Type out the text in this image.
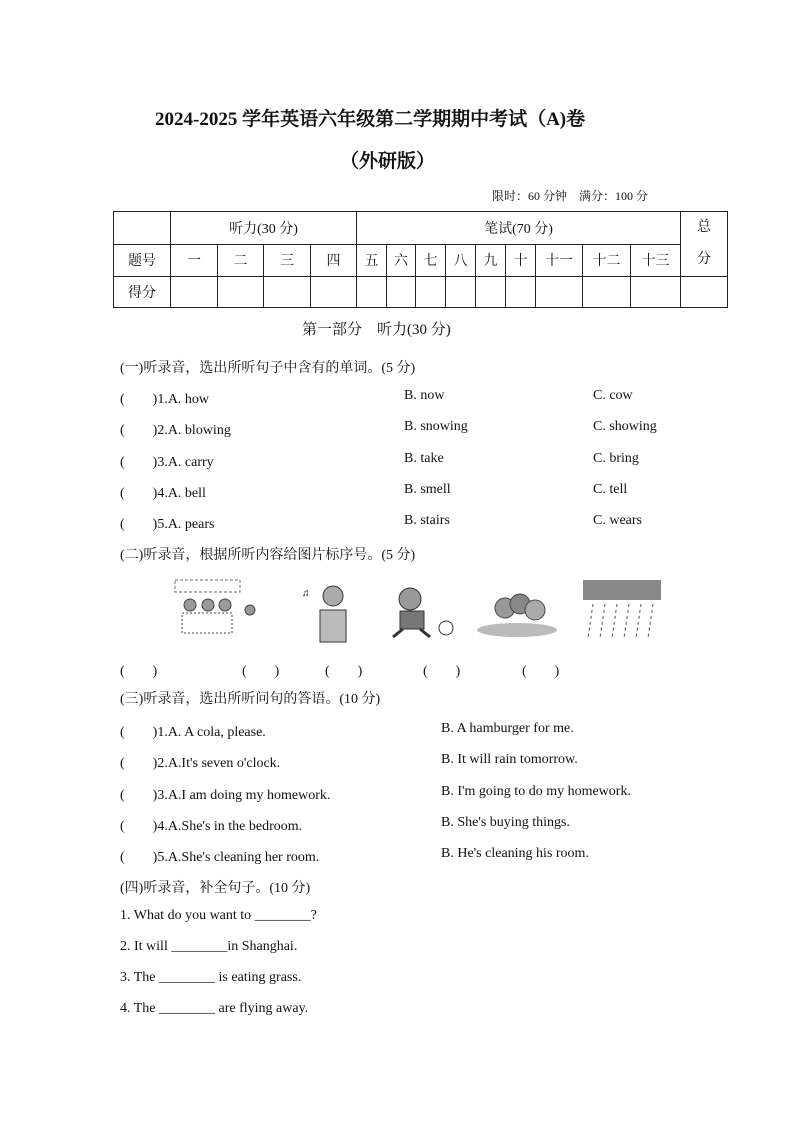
2024-2025 学年英语六年级第二学期期中考试（A)卷
（外研版）
限时：60 分钟　满分：100 分
	听力(30 分)				笔试(70 分)									总
分
题号	一	二	三	四	五	六	七	八	九	十	十一	十二	十三	
得分														
第一部分　听力(30 分)
(一)听录音，选出所听句子中含有的单词。(5 分)
(二)听录音，根据所听内容给图片标序号。(5 分)
♫
(　　)	(　　)	(　　)	(　　)	(　　)
(三)听录音，选出所听问句的答语。(10 分)
(四)听录音，补全句子。(10 分)
(　　)1.A. how	B. now	C. cow
(　　)2.A. blowing	B. snowing	C. showing
(　　)3.A. carry	B. take	C. bring
(　　)4.A. bell	B. smell	C. tell
(　　)5.A. pears	B. stairs	C. wears
(　　)1.A. A cola, please.	B. A hamburger for me.
(　　)2.A.It's seven o'clock.	B. It will rain tomorrow.
(　　)3.A.I am doing my homework.	B. I'm going to do my homework.
(　　)4.A.She's in the bedroom.	B. She's buying things.
(　　)5.A.She's cleaning her room.	B. He's cleaning his room.
1. What do you want to ________?
2. It will ________in Shanghai.
3. The ________ is eating grass.
4. The ________ are flying away.
